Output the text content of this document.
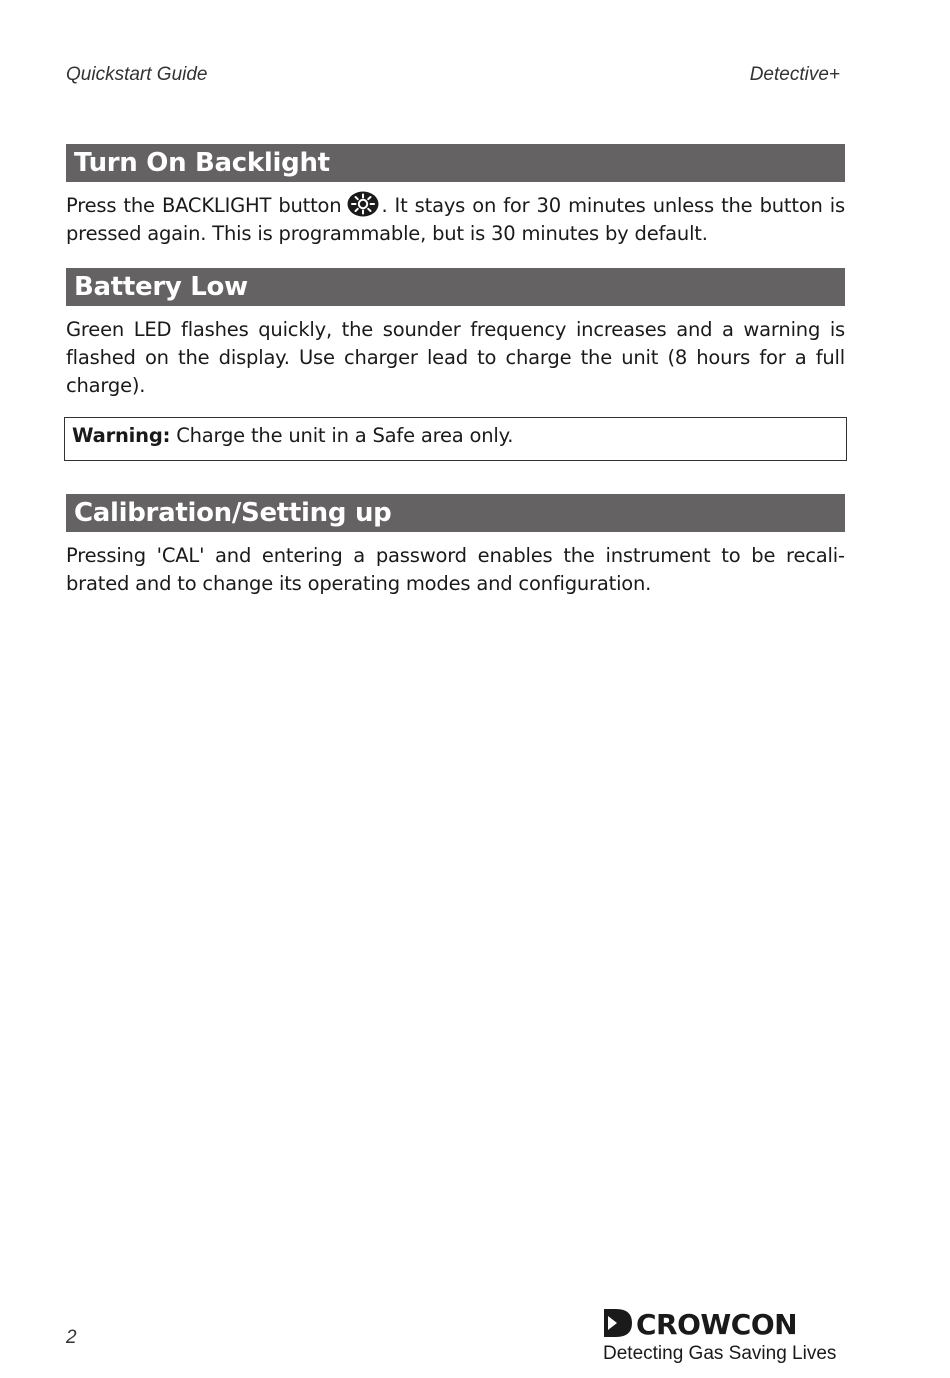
Quickstart Guide	Detective+
Turn On Backlight

Press the BACKLIGHT button . It stays on for 30 minutes unless the button is pressed again. This is programmable, but is 30 minutes by default.

Battery Low

Green LED flashes quickly, the sounder frequency increases and a warning is flashed on the display. Use charger lead to charge the unit (8 hours for a full charge).

Warning: Charge the unit in a Safe area only.
Calibration/Setting up

Pressing 'CAL' and entering a password enables the instrument to be recalibrated and to change its operating modes and configuration.

2	CROWCON
Detecting Gas Saving Lives
